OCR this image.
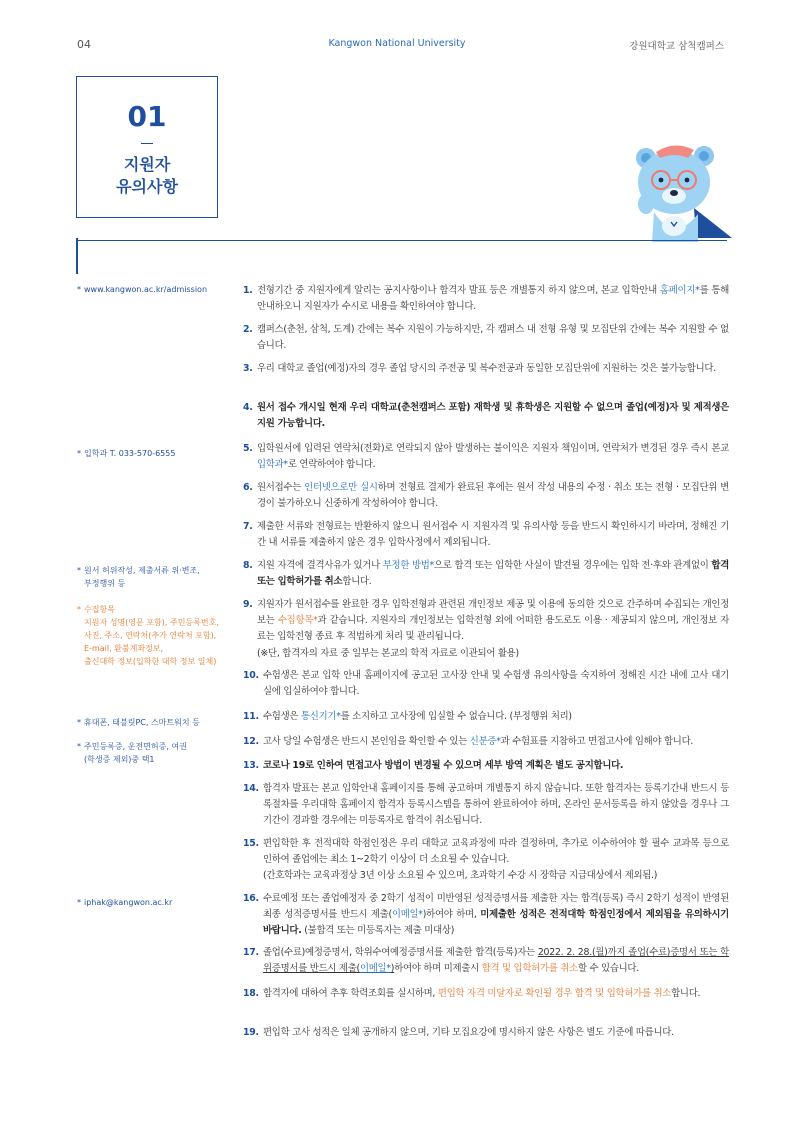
04	Kangwon National University	강원대학교 삼척캠퍼스
01
지원자
유의사항
* www.kangwon.ac.kr/admission
* 입학과 T. 033-570-6555
* 원서 허위작성, 제출서류 위·변조,
부정행위 등
* 수집항목
지원자 성명(영문 포함), 주민등록번호,
사진, 주소, 연락처(추가 연락처 포함),
E-mail, 환불계좌정보,
출신대학 정보(입학한 대학 정보 일체)
* 휴대폰, 태블릿PC, 스마트워치 등
* 주민등록증, 운전면허증, 여권
(학생증 제외)중 택1
* iphak@kangwon.ac.kr
1. 전형기간 중 지원자에게 알리는 공지사항이나 합격자 발표 등은 개별통지 하지 않으며, 본교 입학안내 홈페이지*를 통해 안내하오니 지원자가 수시로 내용을 확인하여야 합니다.
2. 캠퍼스(춘천, 삼척, 도계) 간에는 복수 지원이 가능하지만, 각 캠퍼스 내 전형 유형 및 모집단위 간에는 복수 지원할 수 없습니다.
3. 우리 대학교 졸업(예정)자의 경우 졸업 당시의 주전공 및 복수전공과 동일한 모집단위에 지원하는 것은 불가능합니다.
4. 원서 접수 개시일 현재 우리 대학교(춘천캠퍼스 포함) 재학생 및 휴학생은 지원할 수 없으며 졸업(예정)자 및 제적생은 지원 가능합니다.
5. 입학원서에 입력된 연락처(전화)로 연락되지 않아 발생하는 불이익은 지원자 책임이며, 연락처가 변경된 경우 즉시 본교 입학과*로 연락하여야 합니다.
6. 원서접수는 인터넷으로만 실시하며 전형료 결제가 완료된 후에는 원서 작성 내용의 수정 · 취소 또는 전형 · 모집단위 변경이 불가하오니 신중하게 작성하여야 합니다.
7. 제출한 서류와 전형료는 반환하지 않으니 원서접수 시 지원자격 및 유의사항 등을 반드시 확인하시기 바라며, 정해진 기간 내 서류를 제출하지 않은 경우 입학사정에서 제외됩니다.
8. 지원 자격에 결격사유가 있거나 부정한 방법*으로 합격 또는 입학한 사실이 발견될 경우에는 입학 전·후와 관계없이 합격 또는 입학허가를 취소합니다.
9. 지원자가 원서접수를 완료한 경우 입학전형과 관련된 개인정보 제공 및 이용에 동의한 것으로 간주하며 수집되는 개인정보는 수집항목*과 같습니다. 지원자의 개인정보는 입학전형 외에 어떠한 용도로도 이용 · 제공되지 않으며, 개인정보 자료는 입학전형 종료 후 적법하게 처리 및 관리됩니다.
(※단, 합격자의 자료 중 일부는 본교의 학적 자료로 이관되어 활용)
10. 수험생은 본교 입학 안내 홈페이지에 공고된 고사장 안내 및 수험생 유의사항을 숙지하여 정해진 시간 내에 고사 대기실에 입실하여야 합니다.
11. 수험생은 통신기기*를 소지하고 고사장에 입실할 수 없습니다. (부정행위 처리)
12. 고사 당일 수험생은 반드시 본인임을 확인할 수 있는 신분증*과 수험표를 지참하고 면접고사에 임해야 합니다.
13. 코로나 19로 인하여 면접고사 방법이 변경될 수 있으며 세부 방역 계획은 별도 공지합니다.
14. 합격자 발표는 본교 입학안내 홈페이지를 통해 공고하며 개별통지 하지 않습니다. 또한 합격자는 등록기간내 반드시 등록절차를 우리대학 홈페이지 합격자 등록시스템을 통하여 완료하여야 하며, 온라인 문서등록을 하지 않았을 경우나 그 기간이 경과할 경우에는 미등록자로 합격이 취소됩니다.
15. 편입학한 후 전적대학 학점인정은 우리 대학교 교육과정에 따라 결정하며, 추가로 이수하여야 할 필수 교과목 등으로 인하여 졸업에는 최소 1~2학기 이상이 더 소요될 수 있습니다.
(간호학과는 교육과정상 3년 이상 소요될 수 있으며, 초과학기 수강 시 장학금 지급대상에서 제외됨.)
16. 수료예정 또는 졸업예정자 중 2학기 성적이 미반영된 성적증명서를 제출한 자는 합격(등록) 즉시 2학기 성적이 반영된 최종 성적증명서를 반드시 제출(이메일*)하여야 하며, 미제출한 성적은 전적대학 학점인정에서 제외됨을 유의하시기 바랍니다. (불합격 또는 미등록자는 제출 미대상)
17. 졸업(수료)예정증명서, 학위수여예정증명서를 제출한 합격(등록)자는 2022. 2. 28.(월)까지 졸업(수료)증명서 또는 학위증명서를 반드시 제출(이메일*)하여야 하며 미제출시 합격 및 입학허가를 취소할 수 있습니다.
18. 합격자에 대하여 추후 학력조회를 실시하며, 편입학 자격 미달자로 확인될 경우 합격 및 입학허가를 취소합니다.
19. 편입학 고사 성적은 일체 공개하지 않으며, 기타 모집요강에 명시하지 않은 사항은 별도 기준에 따릅니다.
